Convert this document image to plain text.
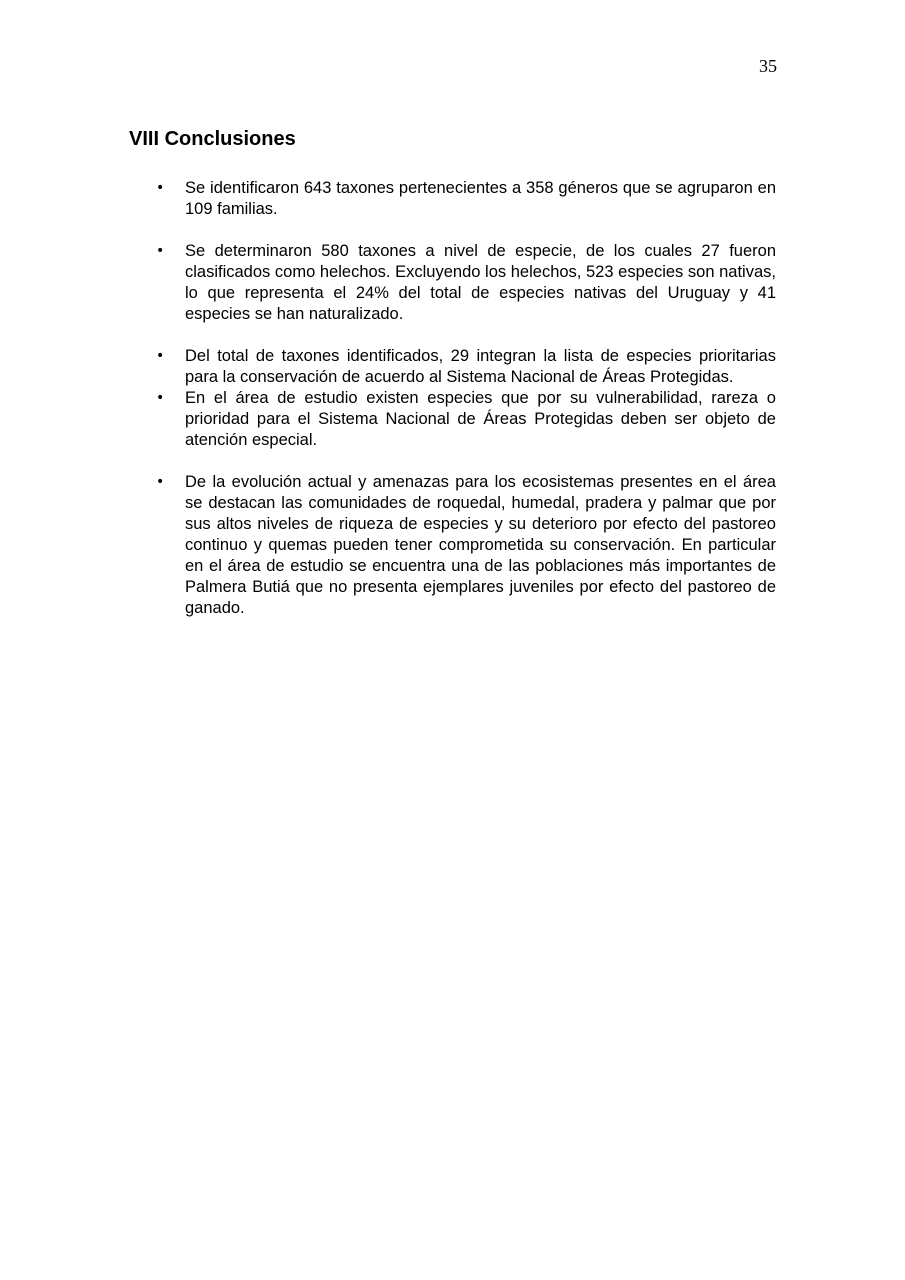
35
VIII Conclusiones
• Se identificaron 643 taxones pertenecientes a 358 géneros que se agruparon en 109 familias.
• Se determinaron 580 taxones a nivel de especie, de los cuales 27 fueron clasificados como helechos. Excluyendo los helechos, 523 especies son nativas, lo que representa el 24% del total de especies nativas del Uruguay y 41 especies se han naturalizado.
• Del total de taxones identificados, 29 integran la lista de especies prioritarias para la conservación de acuerdo al Sistema Nacional de Áreas Protegidas.
• En el área de estudio existen especies que por su vulnerabilidad, rareza o prioridad para el Sistema Nacional de Áreas Protegidas deben ser objeto de atención especial.
• De la evolución actual y amenazas para los ecosistemas presentes en el área se destacan las comunidades de roquedal, humedal, pradera y palmar que por sus altos niveles de riqueza de especies y su deterioro por efecto del pastoreo continuo y quemas pueden tener comprometida su conservación. En particular en el área de estudio se encuentra una de las poblaciones más importantes de Palmera Butiá que no presenta ejemplares juveniles por efecto del pastoreo de ganado.
